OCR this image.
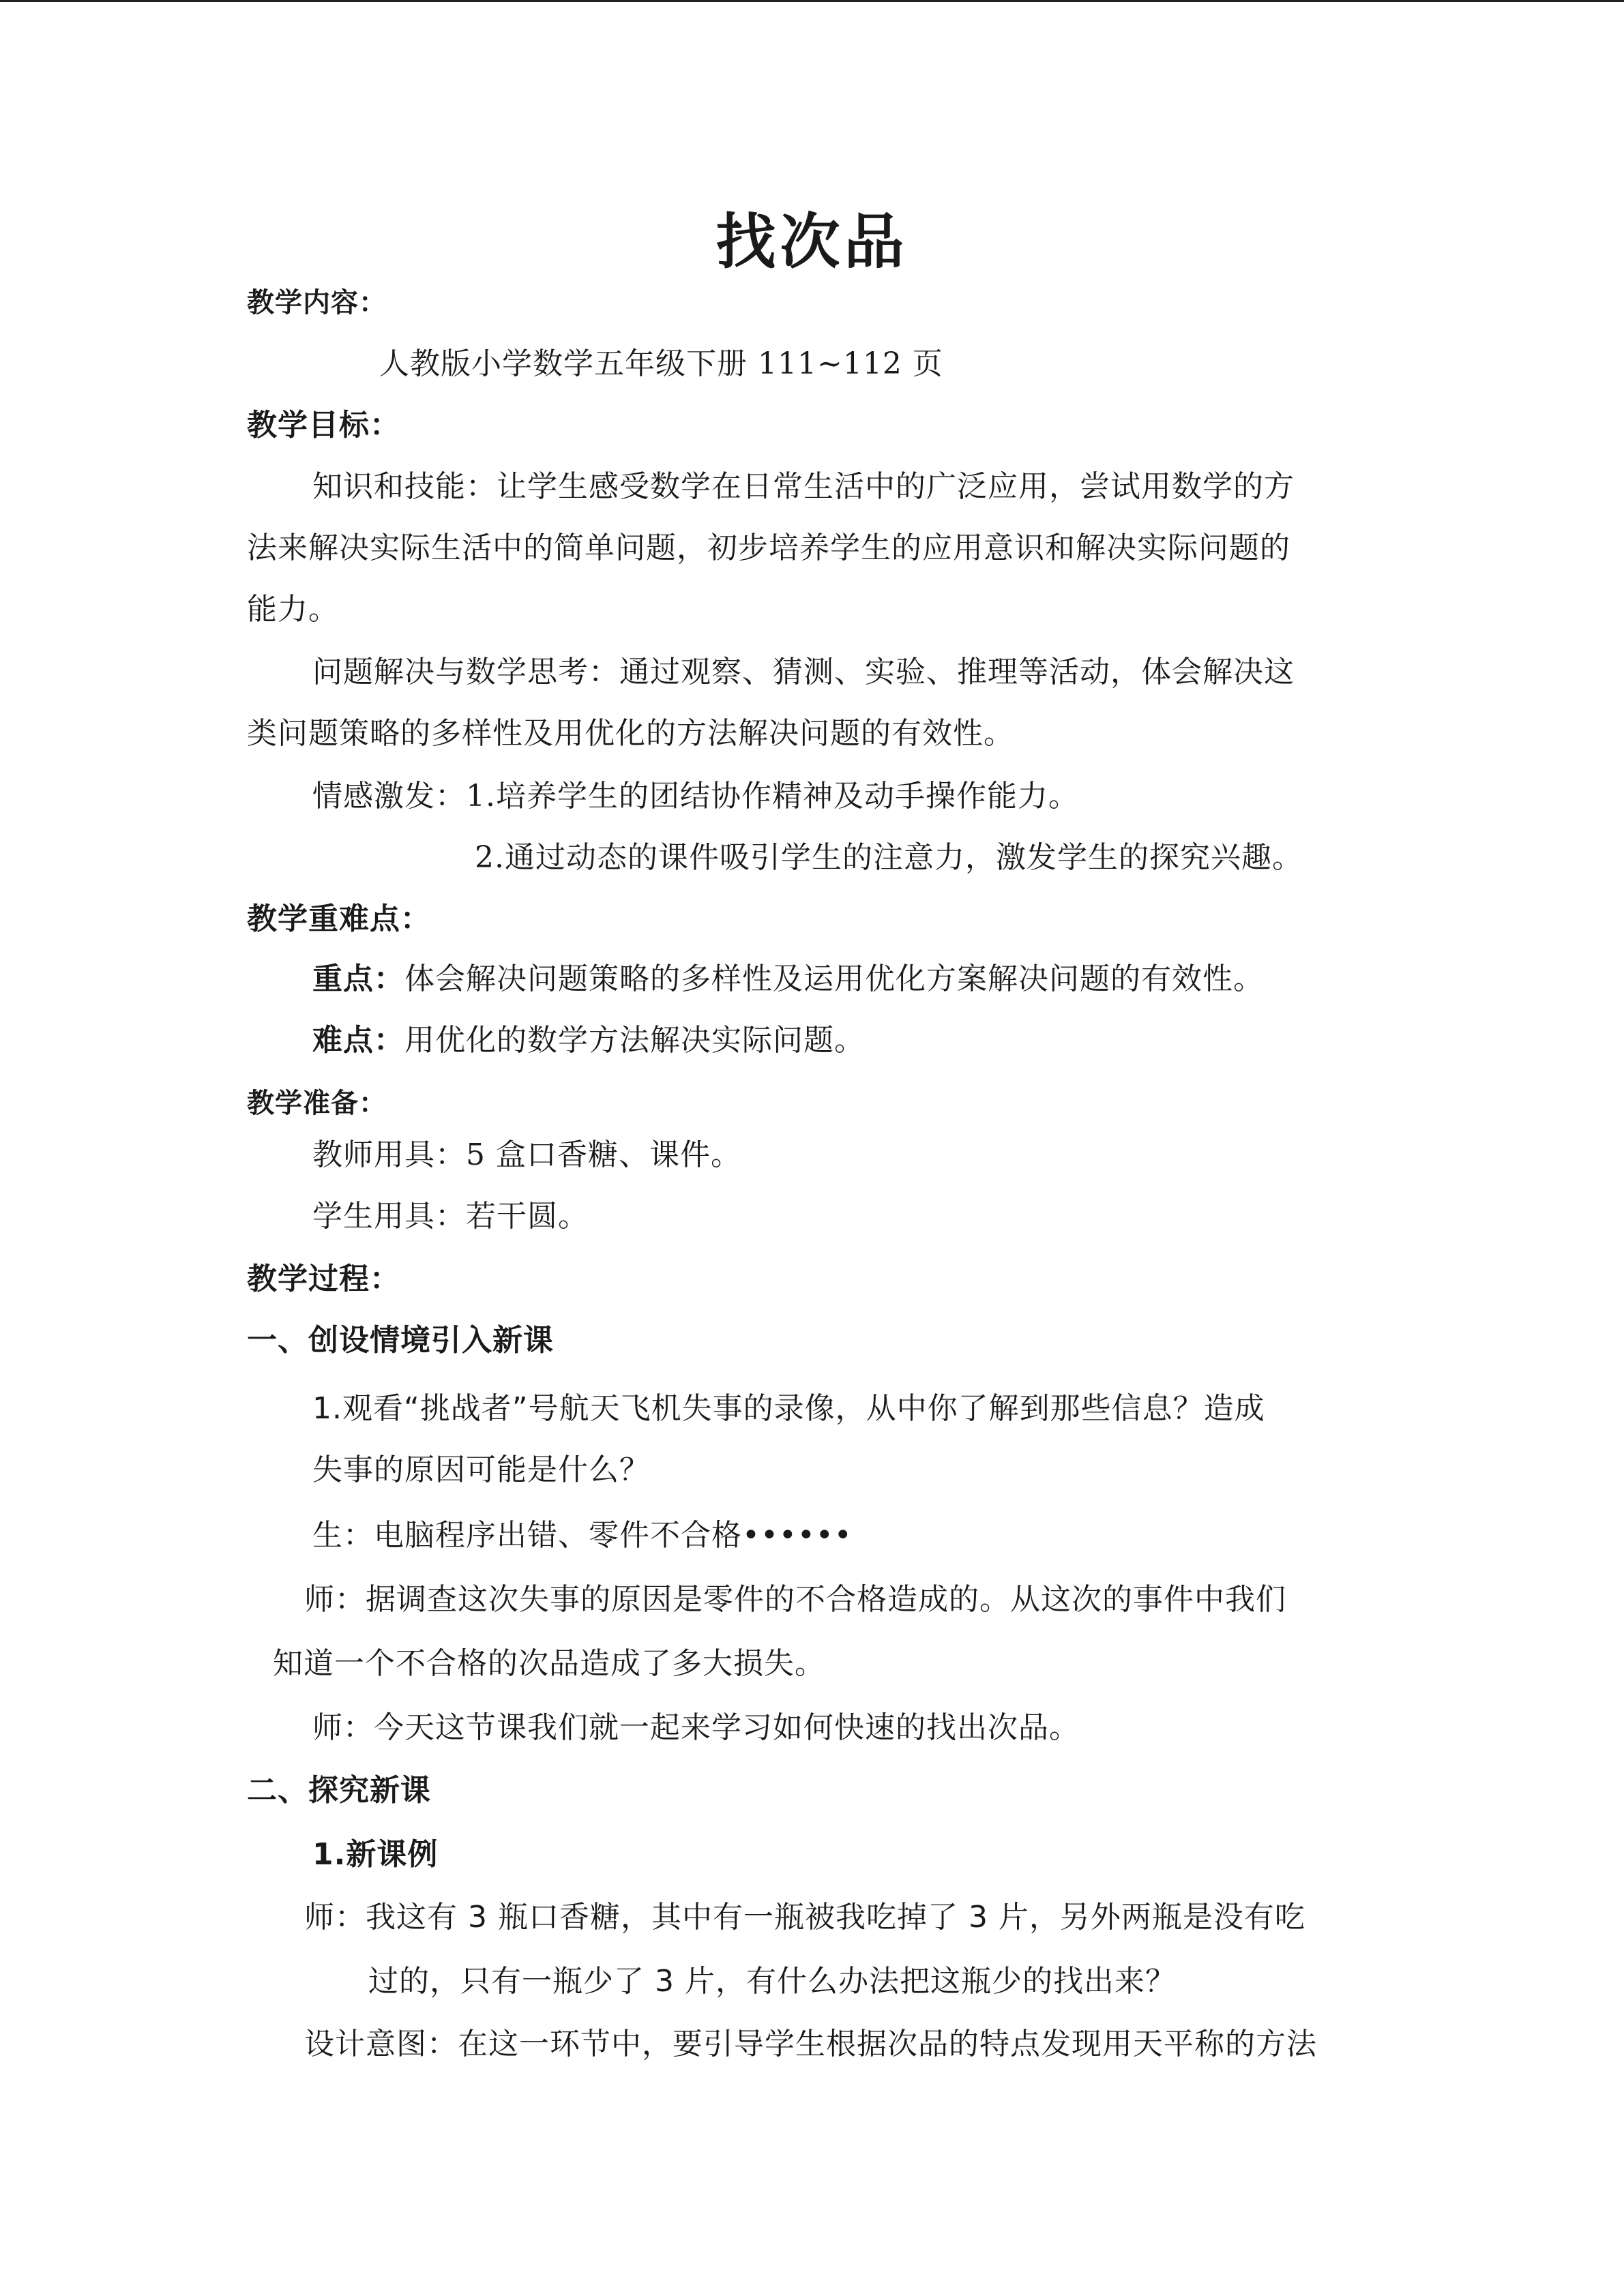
找次品
教学内容：
人教版小学数学五年级下册 111~112 页
教学目标：
知识和技能：让学生感受数学在日常生活中的广泛应用，尝试用数学的方
法来解决实际生活中的简单问题，初步培养学生的应用意识和解决实际问题的
能力。
问题解决与数学思考：通过观察、猜测、实验、推理等活动，体会解决这
类问题策略的多样性及用优化的方法解决问题的有效性。
情感激发：1.培养学生的团结协作精神及动手操作能力。
2.通过动态的课件吸引学生的注意力，激发学生的探究兴趣。
教学重难点：
重点：体会解决问题策略的多样性及运用优化方案解决问题的有效性。
难点：用优化的数学方法解决实际问题。
教学准备：
教师用具：5 盒口香糖、课件。
学生用具：若干圆。
教学过程：
一、创设情境引入新课
1.观看“挑战者”号航天飞机失事的录像，从中你了解到那些信息？造成
失事的原因可能是什么？
生：电脑程序出错、零件不合格••••••
师：据调查这次失事的原因是零件的不合格造成的。从这次的事件中我们
知道一个不合格的次品造成了多大损失。
师：今天这节课我们就一起来学习如何快速的找出次品。
二、探究新课
1.新课例
师：我这有 3 瓶口香糖，其中有一瓶被我吃掉了 3 片，另外两瓶是没有吃
过的，只有一瓶少了 3 片，有什么办法把这瓶少的找出来？
设计意图：在这一环节中，要引导学生根据次品的特点发现用天平称的方法
